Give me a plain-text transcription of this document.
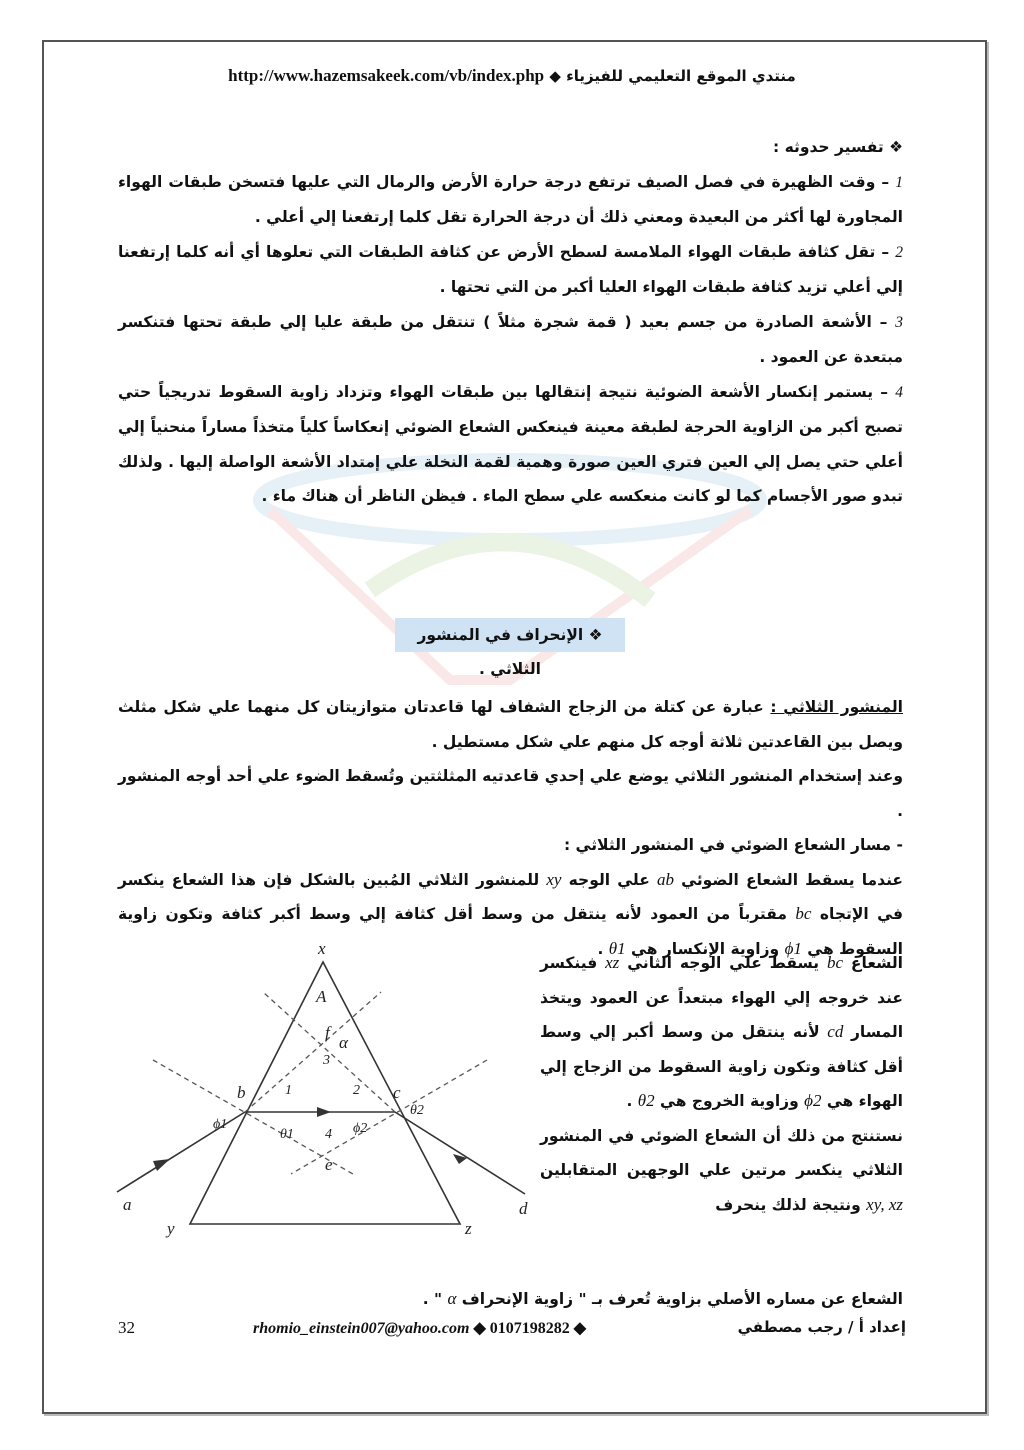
http://www.hazemsakeek.com/vb/index.php ◆ منتدي الموقع التعليمي للفيزياء

❖ تفسير حدوثه :

1 – وقت الظهيرة في فصل الصيف ترتفع درجة حرارة الأرض والرمال التي عليها فتسخن طبقات الهواء المجاورة لها أكثر من البعيدة ومعني ذلك أن درجة الحرارة تقل كلما إرتفعنا إلي أعلي .

2 – تقل كثافة طبقات الهواء الملامسة لسطح الأرض عن كثافة الطبقات التي تعلوها أي أنه كلما إرتفعنا إلي أعلي تزيد كثافة طبقات الهواء العليا أكبر من التي تحتها .

3 – الأشعة الصادرة من جسم بعيد ( قمة شجرة مثلاً ) تنتقل من طبقة عليا إلي طبقة تحتها فتنكسر مبتعدة عن العمود .

4 – يستمر إنكسار الأشعة الضوئية نتيجة إنتقالها بين طبقات الهواء وتزداد زاوية السقوط تدريجياً حتي تصبح أكبر من الزاوية الحرجة لطبقة معينة فينعكس الشعاع الضوئي إنعكاساً كلياً متخذاً مساراً منحنياً إلي أعلي حتي يصل إلي العين فتري العين صورة وهمية لقمة النخلة علي إمتداد الأشعة الواصلة إليها . ولذلك تبدو صور الأجسام كما لو كانت منعكسه علي سطح الماء . فيظن الناظر أن هناك ماء .

❖ الإنحراف في المنشور الثلاثي .

المنشور الثلاثي : عبارة عن كتلة من الزجاج الشفاف لها قاعدتان متوازيتان كل منهما علي شكل مثلث ويصل بين القاعدتين ثلاثة أوجه كل منهم علي شكل مستطيل .

وعند إستخدام المنشور الثلاثي يوضع علي إحدي قاعدتيه المثلثتين وتُسقط الضوء علي أحد أوجه المنشور .

- مسار الشعاع الضوئي في المنشور الثلاثي :

عندما يسقط الشعاع الضوئي ab علي الوجه xy للمنشور الثلاثي المُبين بالشكل فإن هذا الشعاع ينكسر في الإتجاه bc مقترباً من العمود لأنه ينتقل من وسط أقل كثافة إلي وسط أكبر كثافة وتكون زاوية السقوط هي ϕ1 وزاوية الإنكسار هي θ1 .

x
y	z
A
a
b	c
d
e
f
α
1	2
3
4
ϕ1
θ1	ϕ2
θ2

الشعاع bc يسقط علي الوجه الثاني xz فينكسر عند خروجه إلي الهواء مبتعداً عن العمود ويتخذ المسار cd لأنه ينتقل من وسط أكبر إلي وسط أقل كثافة وتكون زاوية السقوط من الزجاج إلي الهواء هي ϕ2 وزاوية الخروج هي θ2 .

نستنتج من ذلك أن الشعاع الضوئي في المنشور الثلاثي ينكسر مرتين علي الوجهين المتقابلين xy, xz ونتيجة لذلك ينحرف

الشعاع عن مساره الأصلي بزاوية تُعرف بـ " زاوية الإنحراف α " .
32	rhomio_einstein007@yahoo.com ◆ 0107198282 ◆	إعداد أ / رجب مصطفي
